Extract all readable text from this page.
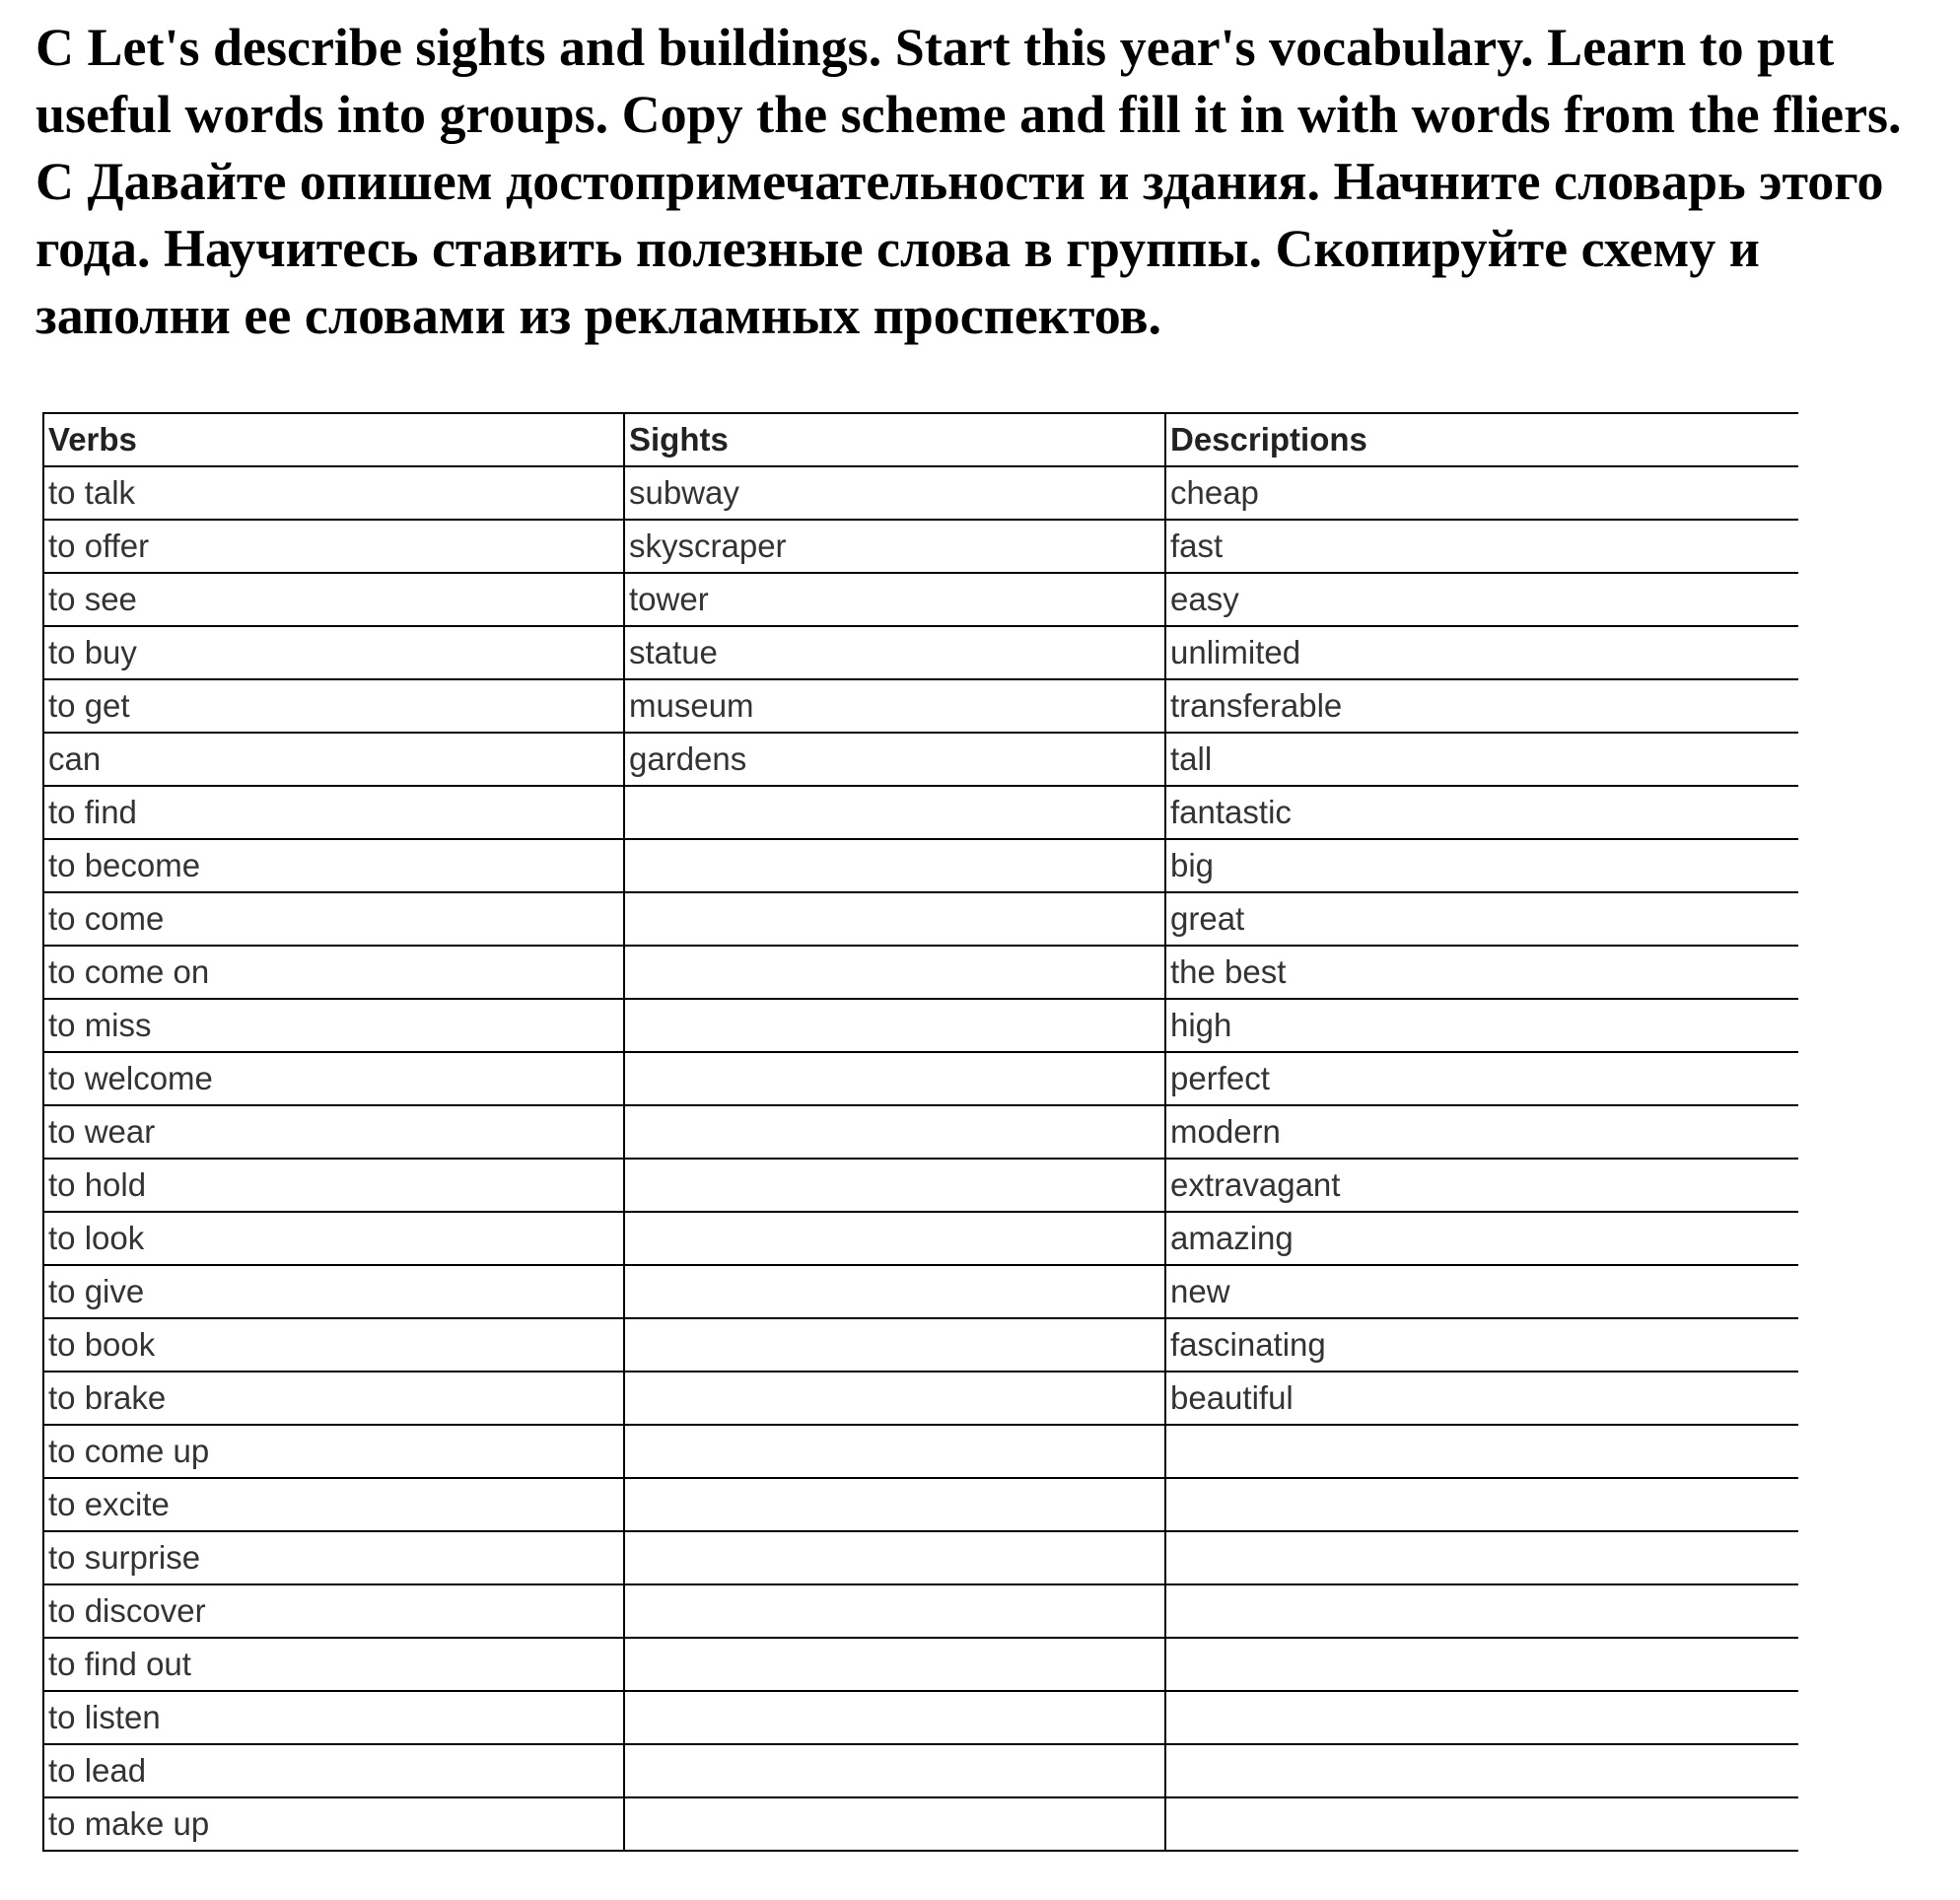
C Let's describe sights and buildings. Start this year's vocabulary. Learn to put useful words into groups. Copy the scheme and fill it in with words from the fliers.

С Давайте опишем достопримечательности и здания. Начните словарь этого года. Научитесь ставить полезные слова в группы. Скопируйте схему и заполни ее словами из рекламных проспектов.

Verbs	Sights	Descriptions
to talk	subway	cheap
to offer	skyscraper	fast
to see	tower	easy
to buy	statue	unlimited
to get	museum	transferable
can	gardens	tall
to find		fantastic
to become		big
to come		great
to come on		the best
to miss		high
to welcome		perfect
to wear		modern
to hold		extravagant
to look		amazing
to give		new
to book		fascinating
to brake		beautiful
to come up		
to excite		
to surprise		
to discover		
to find out		
to listen		
to lead		
to make up		
